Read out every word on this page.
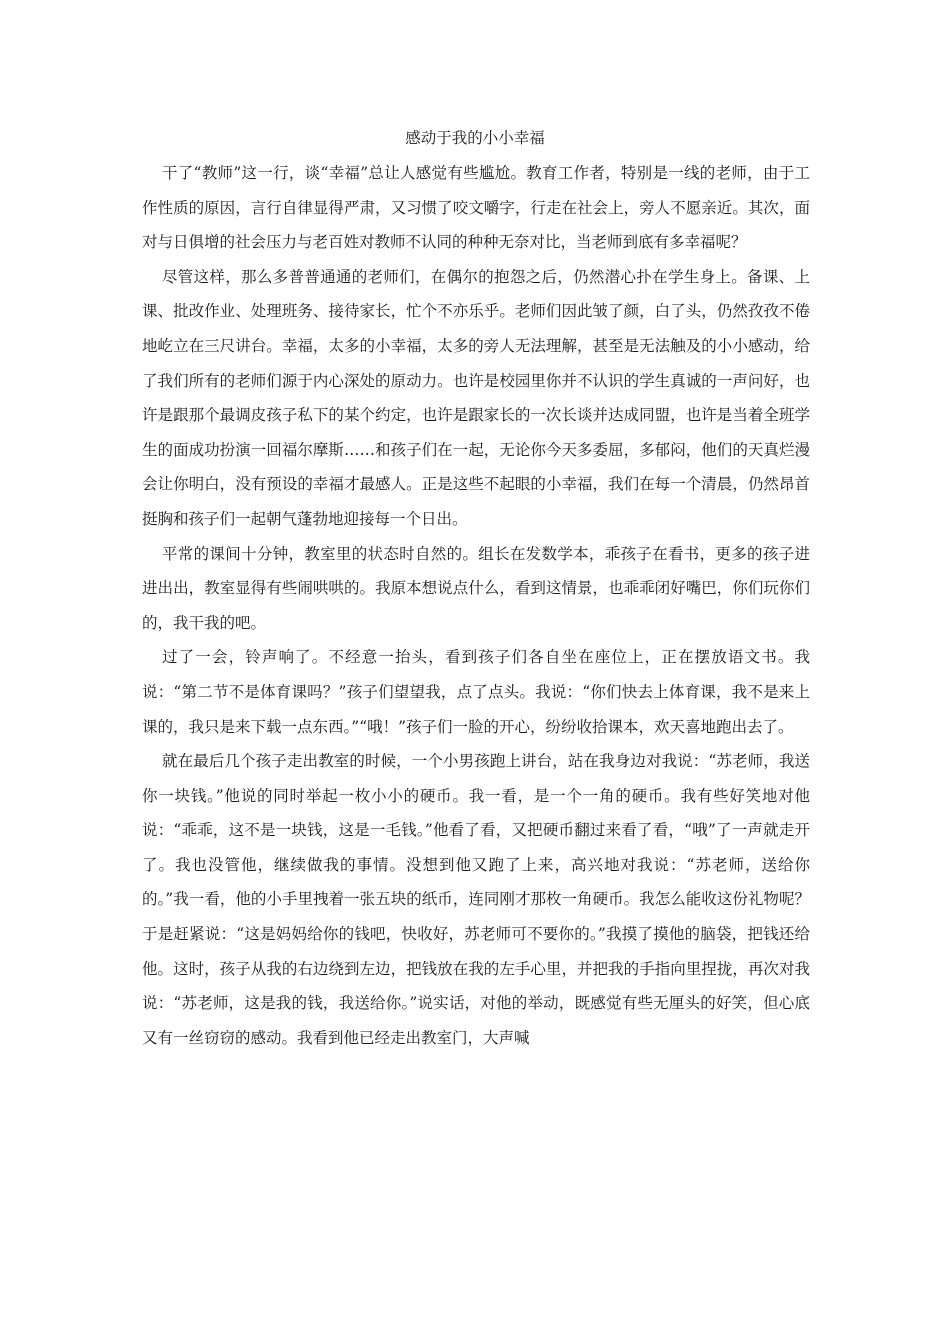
感动于我的小小幸福

干了“教师”这一行，谈“幸福”总让人感觉有些尴尬。教育工作者，特别是一线的老师，由于工作性质的原因，言行自律显得严肃，又习惯了咬文嚼字，行走在社会上，旁人不愿亲近。其次，面对与日俱增的社会压力与老百姓对教师不认同的种种无奈对比，当老师到底有多幸福呢？

尽管这样，那么多普普通通的老师们，在偶尔的抱怨之后，仍然潜心扑在学生身上。备课、上课、批改作业、处理班务、接待家长，忙个不亦乐乎。老师们因此皱了颜，白了头，仍然孜孜不倦地屹立在三尺讲台。幸福，太多的小幸福，太多的旁人无法理解，甚至是无法触及的小小感动，给了我们所有的老师们源于内心深处的原动力。也许是校园里你并不认识的学生真诚的一声问好，也许是跟那个最调皮孩子私下的某个约定，也许是跟家长的一次长谈并达成同盟，也许是当着全班学生的面成功扮演一回福尔摩斯……和孩子们在一起，无论你今天多委屈，多郁闷，他们的天真烂漫会让你明白，没有预设的幸福才最感人。正是这些不起眼的小幸福，我们在每一个清晨，仍然昂首挺胸和孩子们一起朝气蓬勃地迎接每一个日出。

平常的课间十分钟，教室里的状态时自然的。组长在发数学本，乖孩子在看书，更多的孩子进进出出，教室显得有些闹哄哄的。我原本想说点什么，看到这情景，也乖乖闭好嘴巴，你们玩你们的，我干我的吧。

过了一会，铃声响了。不经意一抬头，看到孩子们各自坐在座位上，正在摆放语文书。我说：“第二节不是体育课吗？”孩子们望望我，点了点头。我说：“你们快去上体育课，我不是来上课的，我只是来下载一点东西。”“哦！”孩子们一脸的开心，纷纷收拾课本，欢天喜地跑出去了。

就在最后几个孩子走出教室的时候，一个小男孩跑上讲台，站在我身边对我说：“苏老师，我送你一块钱。”他说的同时举起一枚小小的硬币。我一看，是一个一角的硬币。我有些好笑地对他说：“乖乖，这不是一块钱，这是一毛钱。”他看了看，又把硬币翻过来看了看，“哦”了一声就走开了。我也没管他，继续做我的事情。没想到他又跑了上来，高兴地对我说：“苏老师，送给你的。”我一看，他的小手里拽着一张五块的纸币，连同刚才那枚一角硬币。我怎么能收这份礼物呢？于是赶紧说：“这是妈妈给你的钱吧，快收好，苏老师可不要你的。”我摸了摸他的脑袋，把钱还给他。这时，孩子从我的右边绕到左边，把钱放在我的左手心里，并把我的手指向里捏拢，再次对我说：“苏老师，这是我的钱，我送给你。”说实话，对他的举动，既感觉有些无厘头的好笑，但心底又有一丝窃窃的感动。我看到他已经走出教室门，大声喊
